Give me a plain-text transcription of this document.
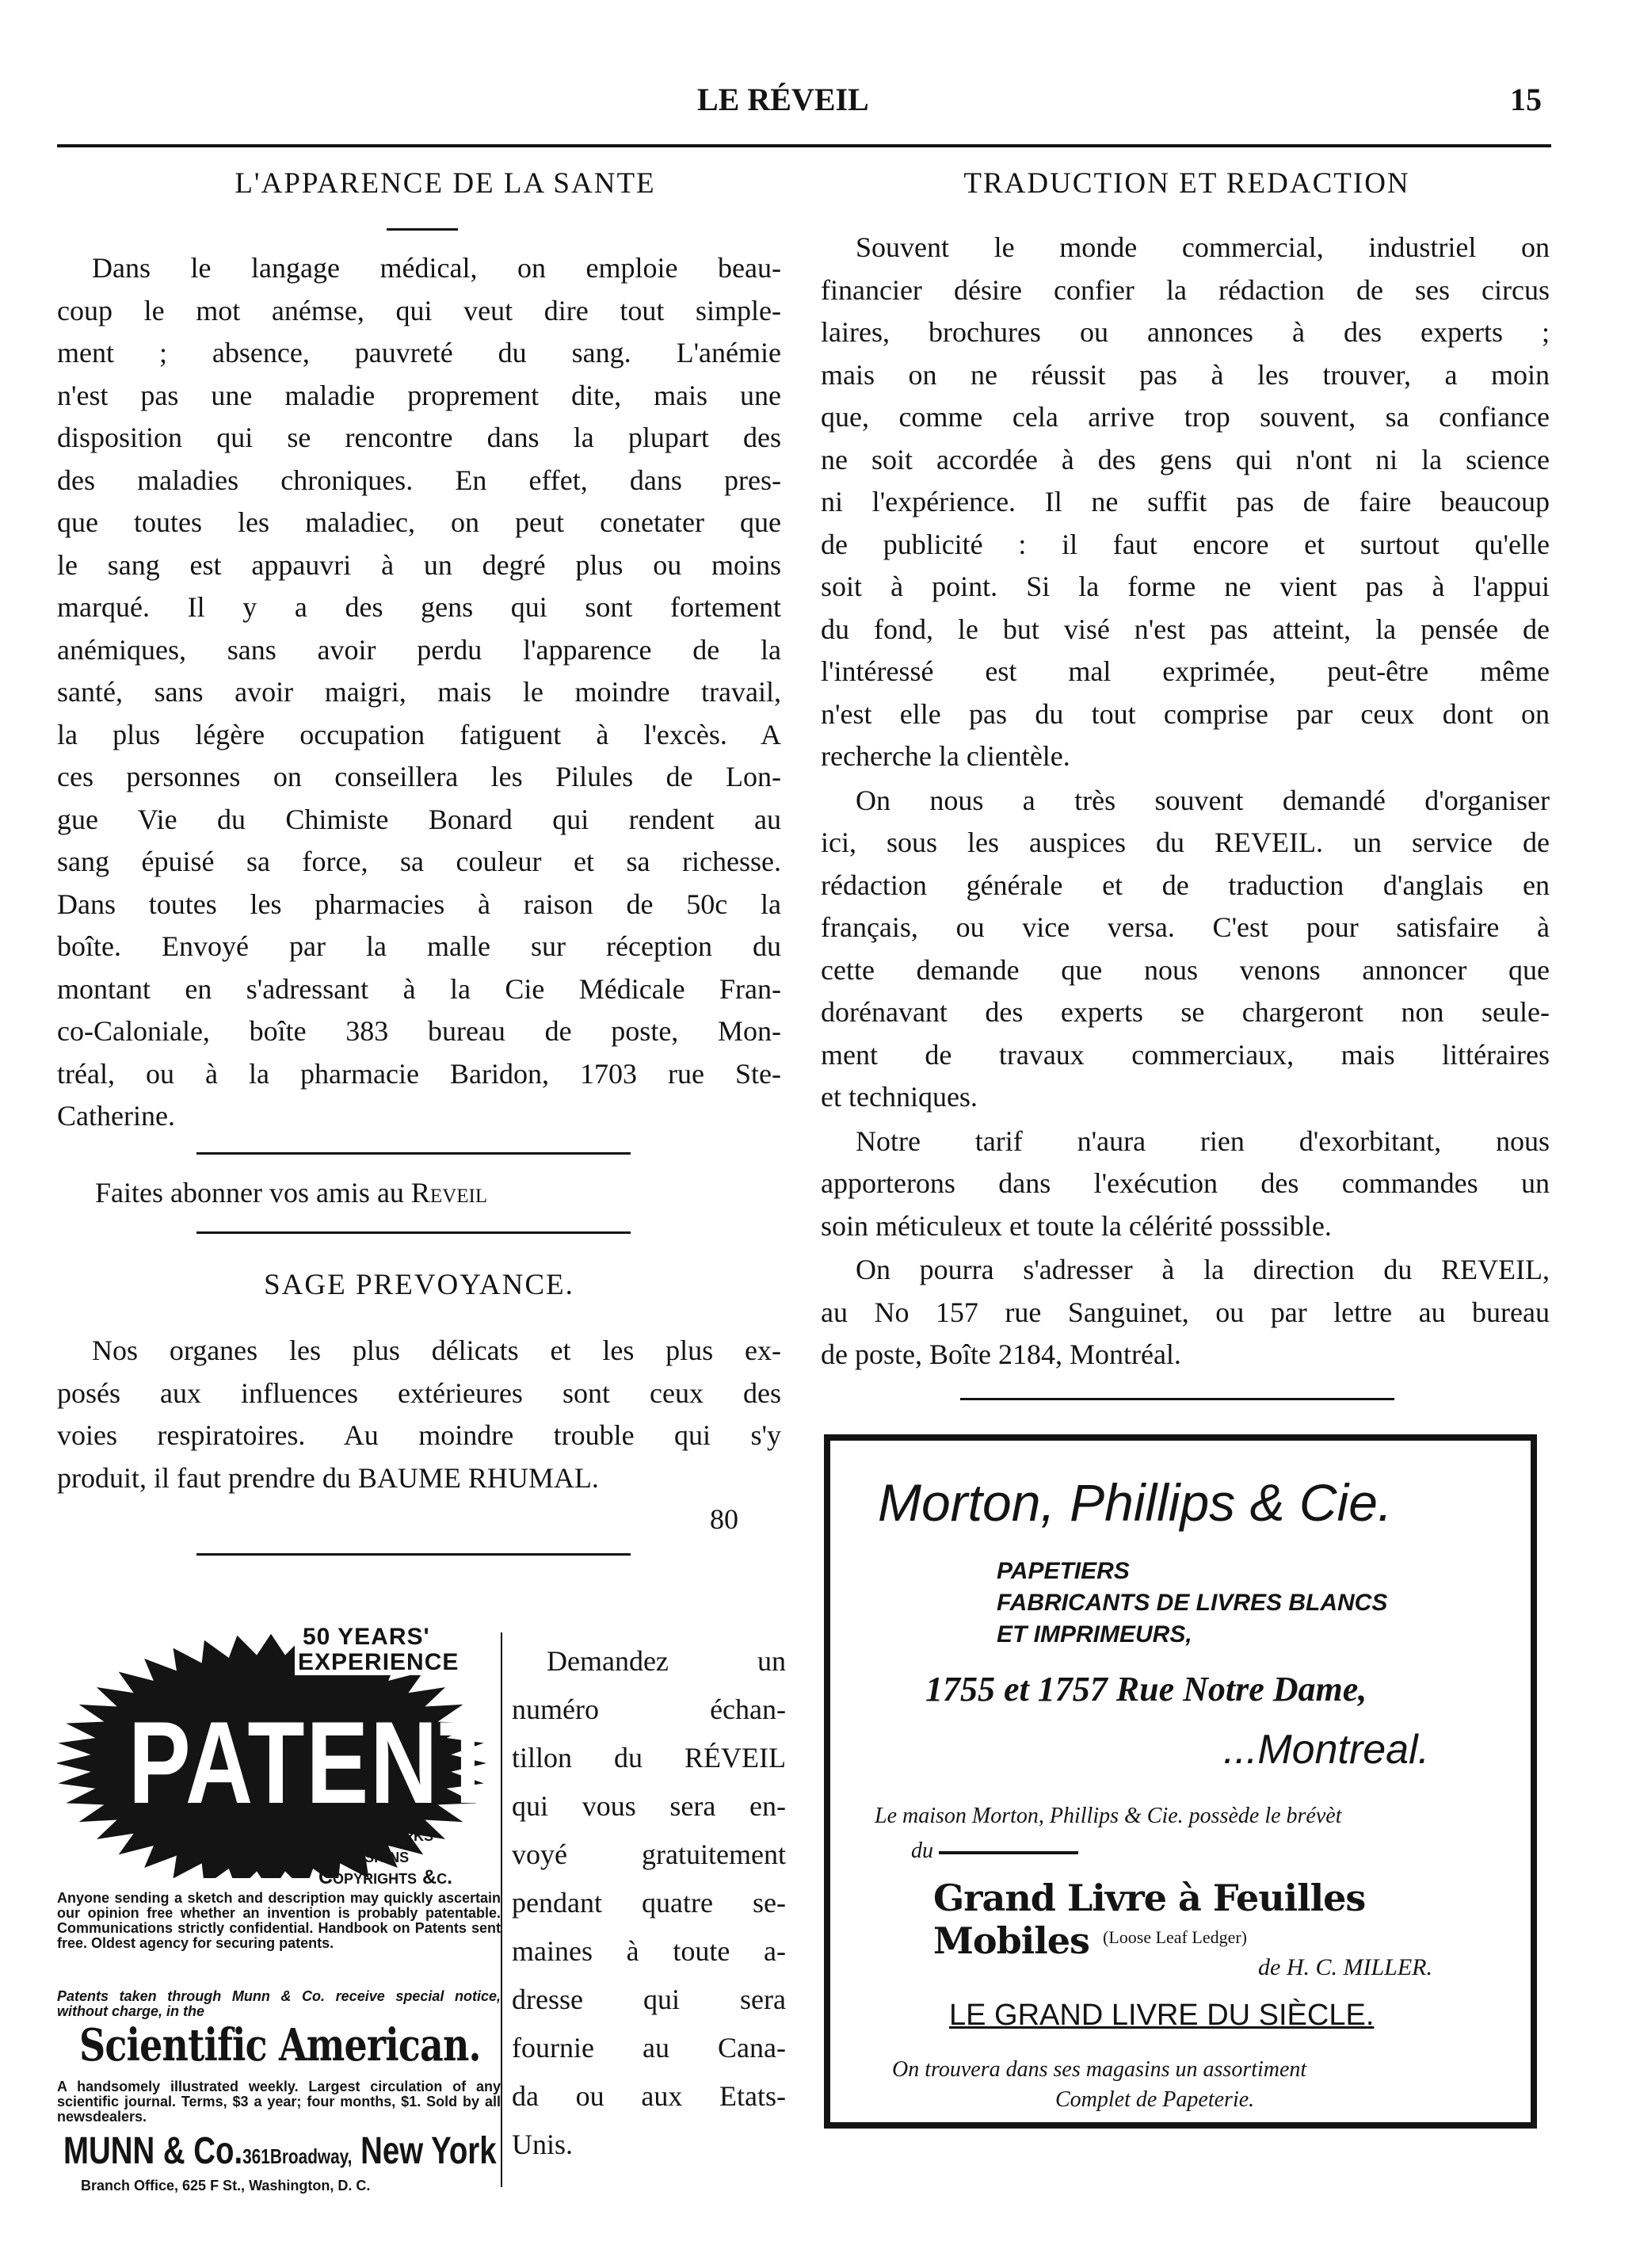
LE RÉVEIL	15
L'APPARENCE DE LA SANTE
Dans le langage médical, on emploie beau-
coup le mot anémse, qui veut dire tout simple-
ment ; absence, pauvreté du sang. L'anémie
n'est pas une maladie proprement dite, mais une
disposition qui se rencontre dans la plupart des
des maladies chroniques. En effet, dans pres-
que toutes les maladiec, on peut conetater que
le sang est appauvri à un degré plus ou moins
marqué. Il y a des gens qui sont fortement
anémiques, sans avoir perdu l'apparence de la
santé, sans avoir maigri, mais le moindre travail,
la plus légère occupation fatiguent à l'excès. A
ces personnes on conseillera les Pilules de Lon-
gue Vie du Chimiste Bonard qui rendent au
sang épuisé sa force, sa couleur et sa richesse.
Dans toutes les pharmacies à raison de 50c la
boîte. Envoyé par la malle sur réception du
montant en s'adressant à la Cie Médicale Fran-
co-Caloniale, boîte 383 bureau de poste, Mon-
tréal, ou à la pharmacie Baridon, 1703 rue Ste-
Catherine.
Faites abonner vos amis au Reveil
SAGE PREVOYANCE.
Nos organes les plus délicats et les plus ex-
posés aux influences extérieures sont ceux des
voies respiratoires. Au moindre trouble qui s'y
produit, il faut prendre du BAUME RHUMAL.
80
50 YEARS'
EXPERIENCE
PATENTS
Trade Marks
Designs
Copyrights &c.
Anyone sending a sketch and description may quickly ascertain our opinion free whether an invention is probably patentable. Communications strictly confidential. Handbook on Patents sent free. Oldest agency for securing patents.
Patents taken through Munn & Co. receive special notice, without charge, in the
Scientific American.
A handsomely illustrated weekly. Largest circulation of any scientific journal. Terms, $3 a year; four months, $1. Sold by all newsdealers.
MUNN & Co.361Broadway, New York
Branch Office, 625 F St., Washington, D. C.
Demandez un
numéro échan-
tillon du RÉVEIL
qui vous sera en-
voyé gratuitement
pendant quatre se-
maines à toute a-
dresse qui sera
fournie au Cana-
da ou aux Etats-
Unis.
TRADUCTION ET REDACTION
Souvent le monde commercial, industriel on
financier désire confier la rédaction de ses circus
laires, brochures ou annonces à des experts ;
mais on ne réussit pas à les trouver, a moin
que, comme cela arrive trop souvent, sa confiance
ne soit accordée à des gens qui n'ont ni la science
ni l'expérience. Il ne suffit pas de faire beaucoup
de publicité : il faut encore et surtout qu'elle
soit à point. Si la forme ne vient pas à l'appui
du fond, le but visé n'est pas atteint, la pensée de
l'intéressé est mal exprimée, peut-être même
n'est elle pas du tout comprise par ceux dont on
recherche la clientèle.
On nous a très souvent demandé d'organiser
ici, sous les auspices du REVEIL. un service de
rédaction générale et de traduction d'anglais en
français, ou vice versa. C'est pour satisfaire à
cette demande que nous venons annoncer que
dorénavant des experts se chargeront non seule-
ment de travaux commerciaux, mais littéraires
et techniques.
Notre tarif n'aura rien d'exorbitant, nous
apporterons dans l'exécution des commandes un
soin méticuleux et toute la célérité posssible.
On pourra s'adresser à la direction du REVEIL,
au No 157 rue Sanguinet, ou par lettre au bureau
de poste, Boîte 2184, Montréal.
Morton, Phillips & Cie.
PAPETIERS
FABRICANTS DE LIVRES BLANCS
ET IMPRIMEURS,
1755 et 1757 Rue Notre Dame,
...Montreal.
Le maison Morton, Phillips & Cie. possède le brévèt
du
Grand Livre à Feuilles Mobiles (Loose Leaf Ledger)
de H. C. MILLER.
LE GRAND LIVRE DU SIÈCLE.
On trouvera dans ses magasins un assortiment
Complet de Papeterie.
